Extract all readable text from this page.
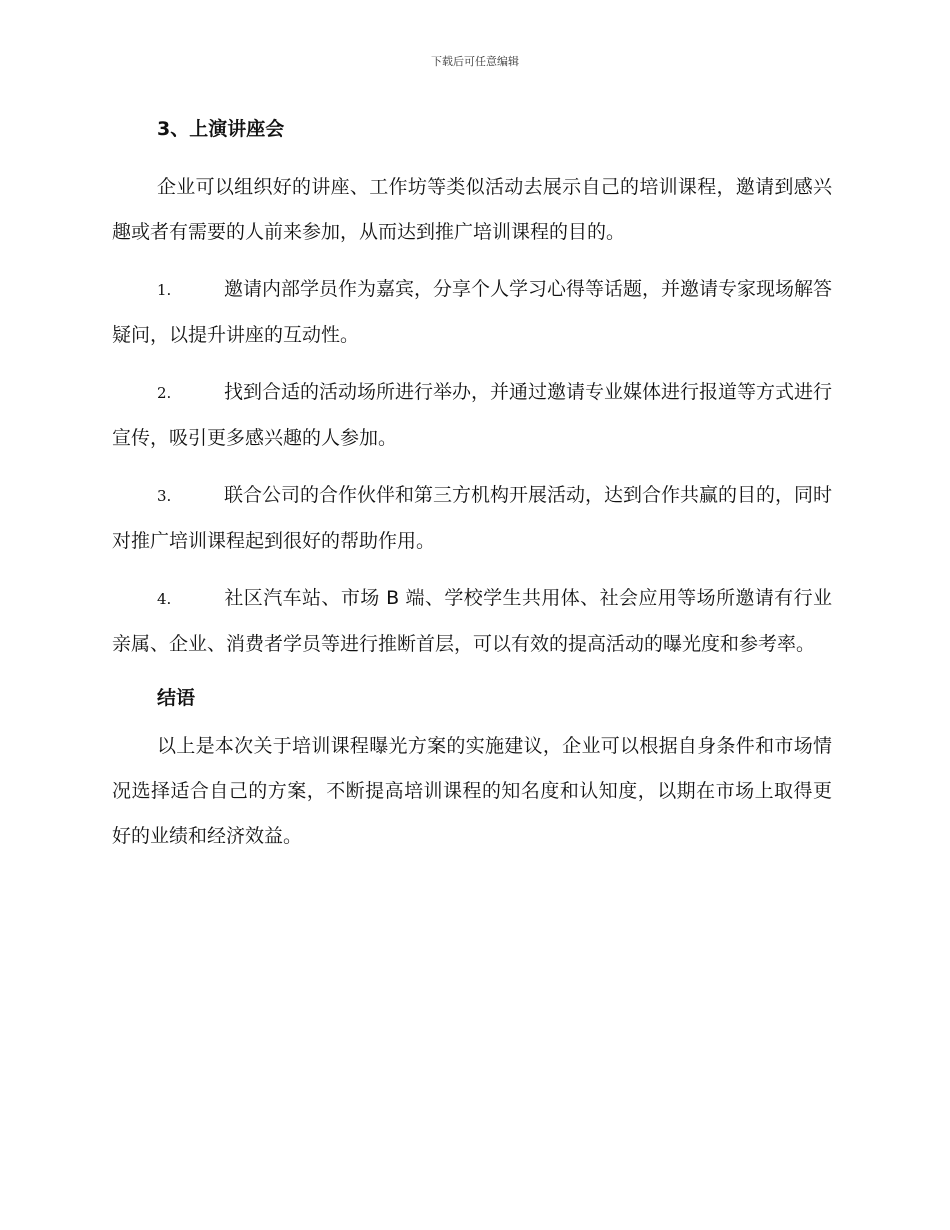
下载后可任意编辑
3、上演讲座会

企业可以组织好的讲座、工作坊等类似活动去展示自己的培训课程，邀请到感兴趣或者有需要的人前来参加，从而达到推广培训课程的目的。

1.	邀请内部学员作为嘉宾，分享个人学习心得等话题，并邀请专家现场解答疑问，以提升讲座的互动性。

2.	找到合适的活动场所进行举办，并通过邀请专业媒体进行报道等方式进行宣传，吸引更多感兴趣的人参加。

3.	联合公司的合作伙伴和第三方机构开展活动，达到合作共赢的目的，同时对推广培训课程起到很好的帮助作用。

4.	社区汽车站、市场 B 端、学校学生共用体、社会应用等场所邀请有行业亲属、企业、消费者学员等进行推断首层，可以有效的提高活动的曝光度和参考率。

结语

以上是本次关于培训课程曝光方案的实施建议，企业可以根据自身条件和市场情况选择适合自己的方案，不断提高培训课程的知名度和认知度，以期在市场上取得更好的业绩和经济效益。
